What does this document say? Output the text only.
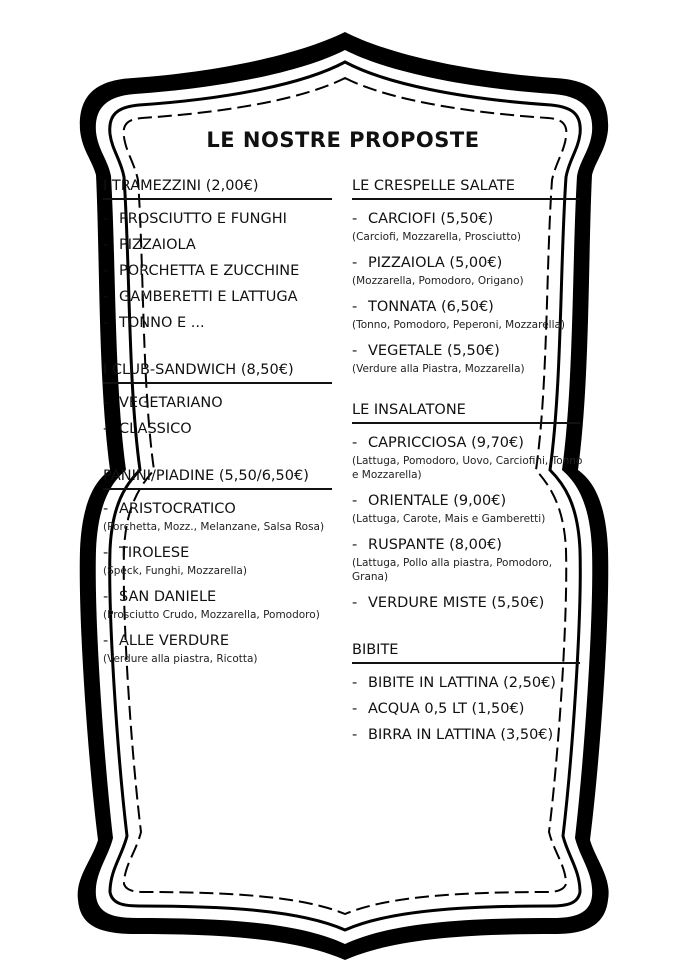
LE NOSTRE PROPOSTE
I TRAMEZZINI (2,00€)
- PROSCIUTTO E FUNGHI
- PIZZAIOLA
- PORCHETTA E ZUCCHINE
- GAMBERETTI E LATTUGA
- TONNO E ...
I CLUB-SANDWICH (8,50€)
- VEGETARIANO
- CLASSICO
PANINI/PIADINE (5,50/6,50€)
- ARISTOCRATICO
(Porchetta, Mozz., Melanzane, Salsa Rosa)
- TIROLESE
(Speck, Funghi, Mozzarella)
- SAN DANIELE
(Prosciutto Crudo, Mozzarella, Pomodoro)
- ALLE VERDURE
(Verdure alla piastra, Ricotta)
LE CRESPELLE SALATE
- CARCIOFI (5,50€)
(Carciofi, Mozzarella, Prosciutto)
- PIZZAIOLA (5,00€)
(Mozzarella, Pomodoro, Origano)
- TONNATA (6,50€)
(Tonno, Pomodoro, Peperoni, Mozzarella)
- VEGETALE (5,50€)
(Verdure alla Piastra, Mozzarella)
LE INSALATONE
- CAPRICCIOSA (9,70€)
(Lattuga, Pomodoro, Uovo, Carciofini, Tonno e Mozzarella)
- ORIENTALE (9,00€)
(Lattuga, Carote, Mais e Gamberetti)
- RUSPANTE (8,00€)
(Lattuga, Pollo alla piastra, Pomodoro, Grana)
- VERDURE MISTE (5,50€)
BIBITE
- BIBITE IN LATTINA (2,50€)
- ACQUA 0,5 LT (1,50€)
- BIRRA IN LATTINA (3,50€)
